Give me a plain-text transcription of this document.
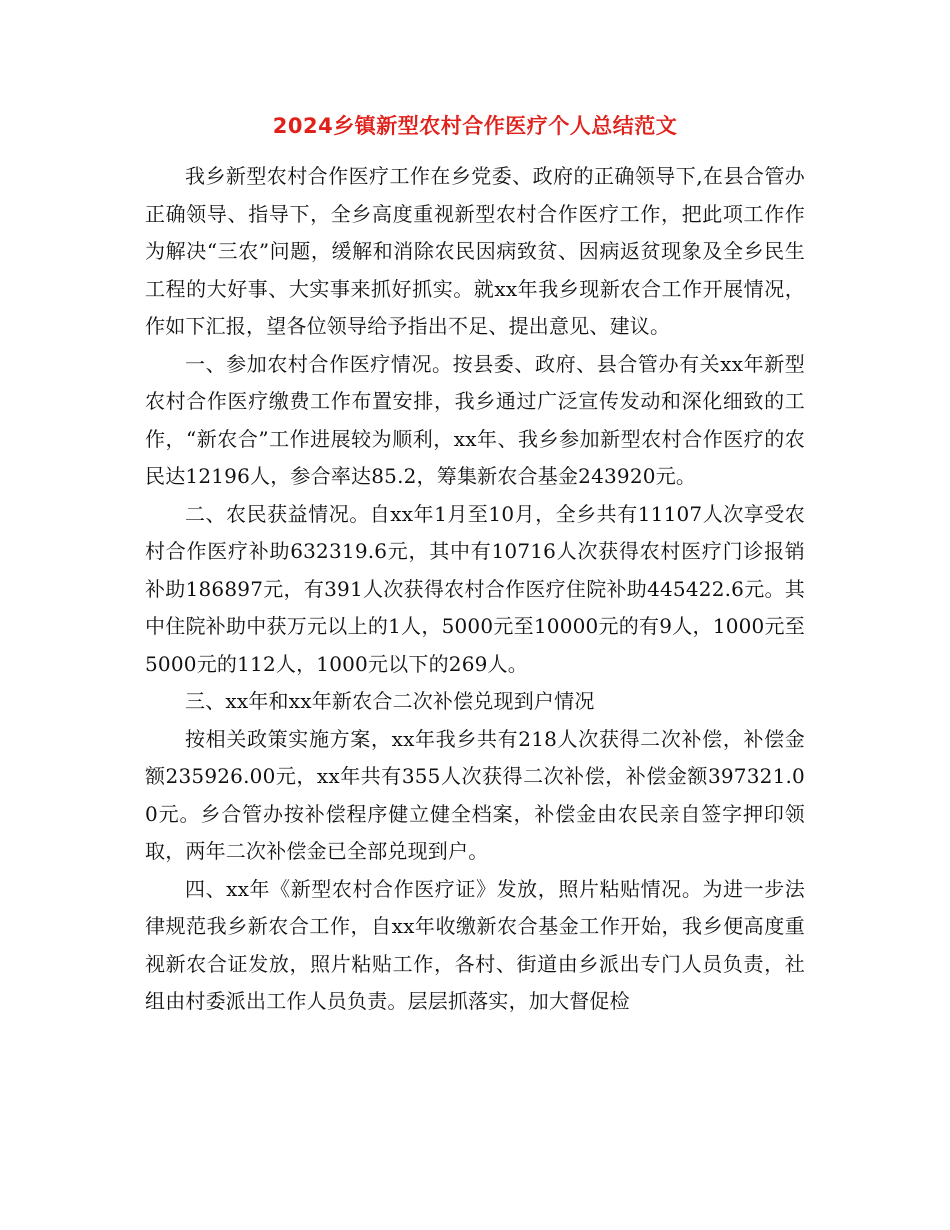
2024乡镇新型农村合作医疗个人总结范文

我乡新型农村合作医疗工作在乡党委、政府的正确领导下,在县合管办正确领导、指导下，全乡高度重视新型农村合作医疗工作，把此项工作作为解决“三农”问题，缓解和消除农民因病致贫、因病返贫现象及全乡民生工程的大好事、大实事来抓好抓实。就xx年我乡现新农合工作开展情况，作如下汇报，望各位领导给予指出不足、提出意见、建议。

一、参加农村合作医疗情况。按县委、政府、县合管办有关xx年新型农村合作医疗缴费工作布置安排，我乡通过广泛宣传发动和深化细致的工作，“新农合”工作进展较为顺利，xx年、我乡参加新型农村合作医疗的农民达12196人，参合率达85.2，筹集新农合基金243920元。

二、农民获益情况。自xx年1月至10月，全乡共有11107人次享受农村合作医疗补助632319.6元，其中有10716人次获得农村医疗门诊报销补助186897元，有391人次获得农村合作医疗住院补助445422.6元。其中住院补助中获万元以上的1人，5000元至10000元的有9人，1000元至5000元的112人，1000元以下的269人。

三、xx年和xx年新农合二次补偿兑现到户情况

按相关政策实施方案，xx年我乡共有218人次获得二次补偿，补偿金额235926.00元，xx年共有355人次获得二次补偿，补偿金额397321.00元。乡合管办按补偿程序健立健全档案，补偿金由农民亲自签字押印领取，两年二次补偿金已全部兑现到户。

四、xx年《新型农村合作医疗证》发放，照片粘贴情况。为进一步法律规范我乡新农合工作，自xx年收缴新农合基金工作开始，我乡便高度重视新农合证发放，照片粘贴工作，各村、街道由乡派出专门人员负责，社组由村委派出工作人员负责。层层抓落实，加大督促检
